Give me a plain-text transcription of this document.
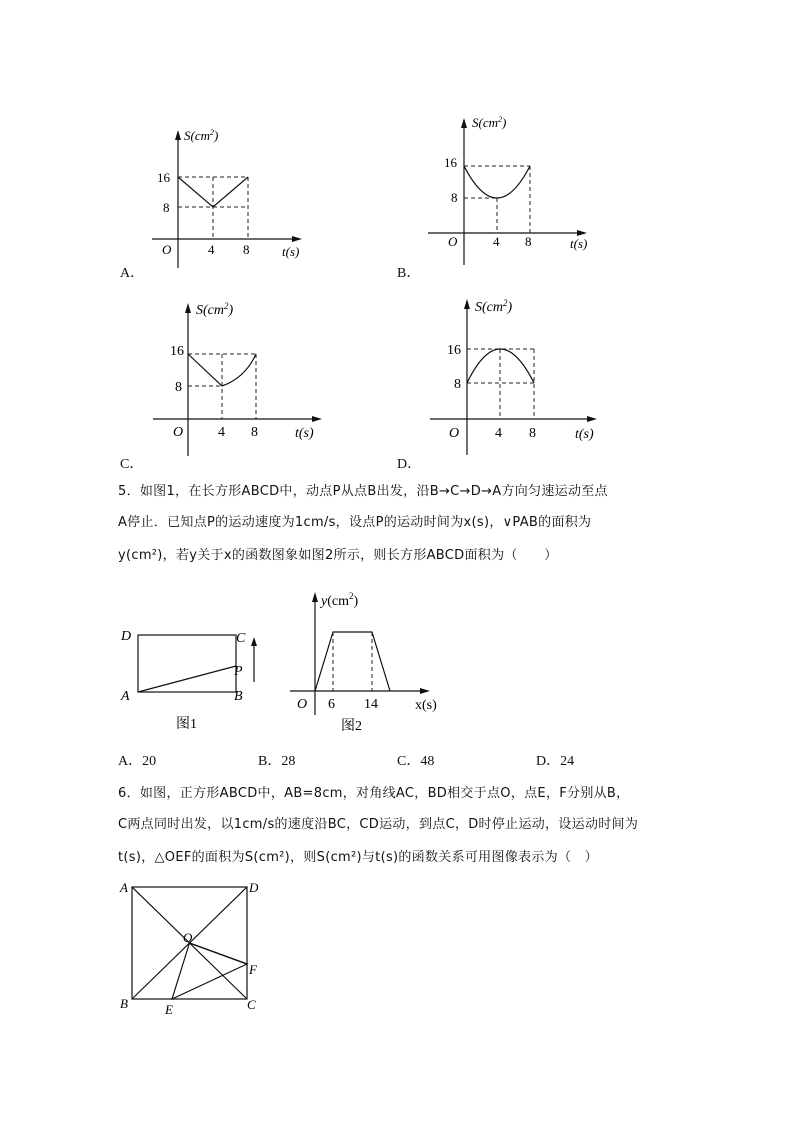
$S(cm^2)$
16
8
O	4 8	t(s)
A．
$S(cm^2)$
16
8
O	4 8	t(s)
B．
$S(cm^2)$
16
8
O 4 8	t(s)
C．
$S(cm^2)$
16
8
O	4 8	t(s)
D．
5．如图1，在长方形ABCD中，动点P从点B出发，沿B→C→D→A方向匀速运动至点
A停止．已知点P的运动速度为1cm/s，设点P的运动时间为x(s)，∨PAB的面积为
y(cm²)，若y关于x的函数图象如图2所示，则长方形ABCD面积为（　　）
D	C
P
A	B
图1
$y(cm^2)$
O 6 14	x(s)
图2
A．20	B．28	C．48	D．24
6．如图，正方形ABCD中，AB=8cm，对角线AC，BD相交于点O，点E，F分别从B，
C两点同时出发，以1cm/s的速度沿BC，CD运动，到点C，D时停止运动，设运动时间为
t(s)，△OEF的面积为S(cm²)，则S(cm²)与t(s)的函数关系可用图像表示为（　）
A	D
O
F
B	C
E
